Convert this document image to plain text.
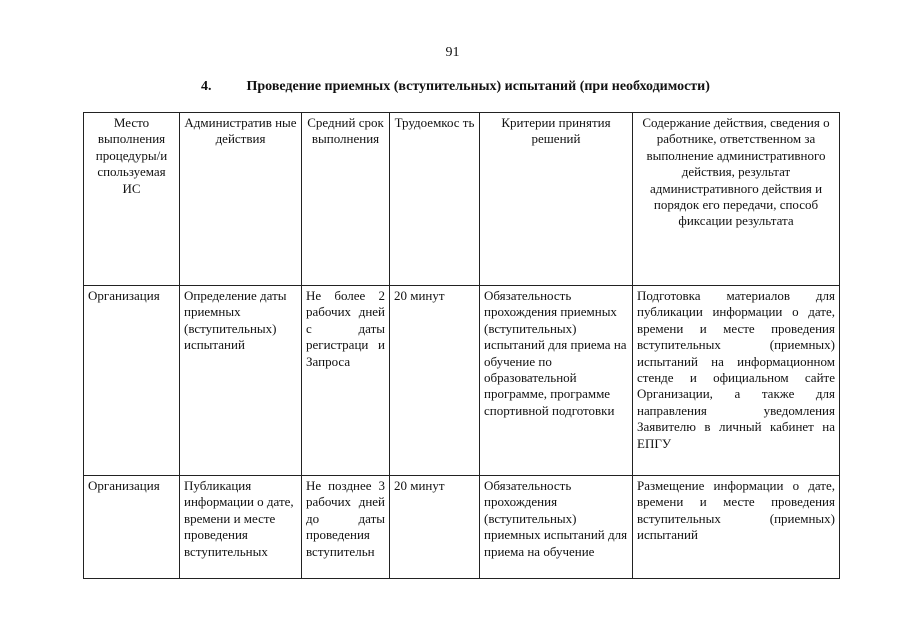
91
4.	Проведение приемных (вступительных) испытаний (при необходимости)
Место выполнения процедуры/и спользуемая ИС	Административ ные действия	Средний срок выполнения	Трудоемкос ть	Критерии принятия решений	Содержание действия, сведения о работнике, ответственном за выполнение административного действия, результат административного действия и порядок его передачи, способ фиксации результата
Организация	Определение даты приемных (вступительных) испытаний	Не более 2 рабочих дней с даты регистраци и Запроса	20 минут	Обязательность прохождения приемных (вступительных) испытаний для приема на обучение по образовательной программе, программе спортивной подготовки	Подготовка материалов для публикации информации о дате, времени и месте проведения вступительных (приемных) испытаний на информационном стенде и официальном сайте Организации, а также для направления уведомления Заявителю в личный кабинет на ЕПГУ
Организация	Публикация информации о дате, времени и месте проведения вступительных	Не позднее 3 рабочих дней до даты проведения вступительн	20 минут	Обязательность прохождения (вступительных) приемных испытаний для приема на обучение	Размещение информации о дате, времени и месте проведения вступительных (приемных) испытаний
